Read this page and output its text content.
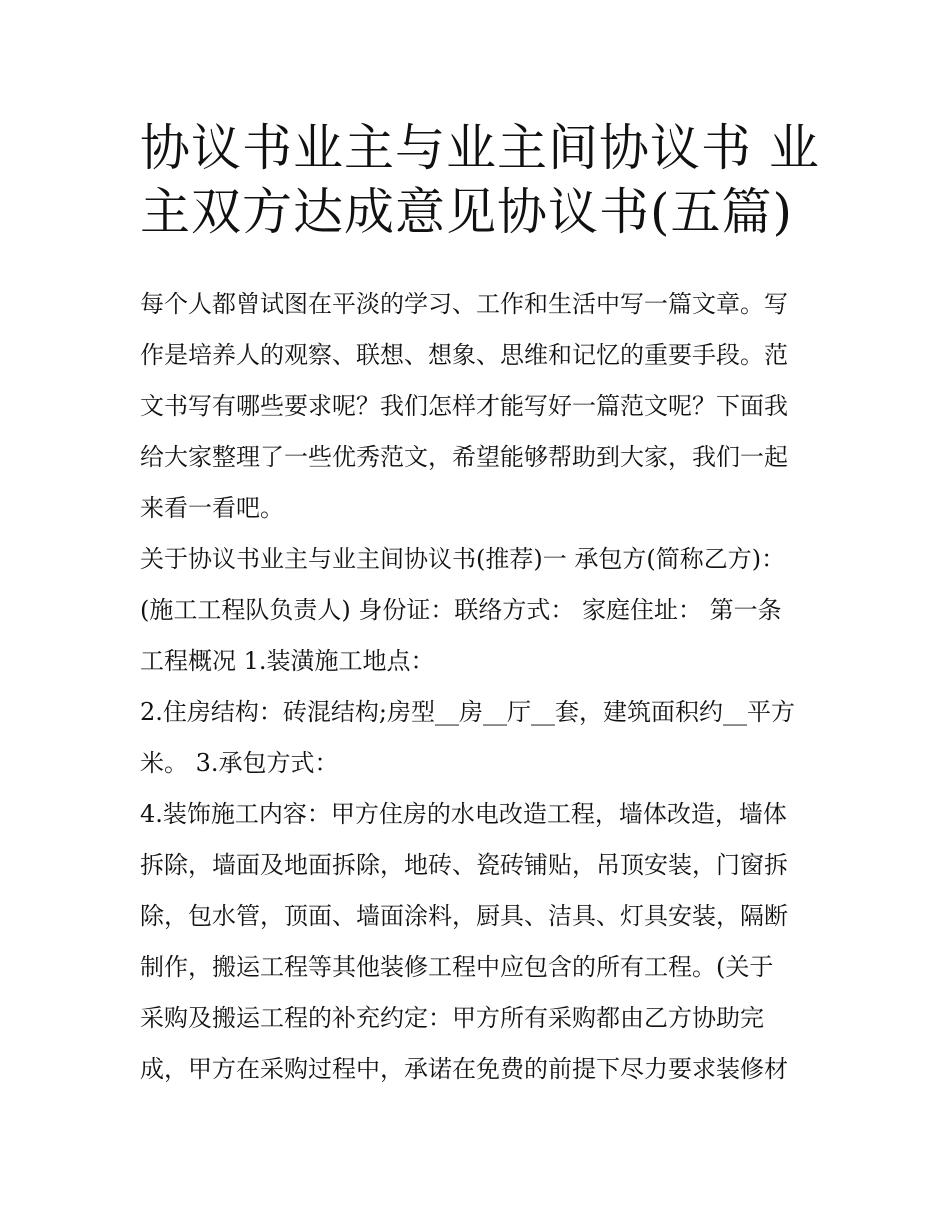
协议书业主与业主间协议书 业
主双方达成意见协议书(五篇)
每个人都曾试图在平淡的学习、工作和生活中写一篇文章。写
作是培养人的观察、联想、想象、思维和记忆的重要手段。范
文书写有哪些要求呢？我们怎样才能写好一篇范文呢？下面我
给大家整理了一些优秀范文，希望能够帮助到大家，我们一起
来看一看吧。
关于协议书业主与业主间协议书(推荐)一 承包方(简称乙方)：
(施工工程队负责人) 身份证：联络方式： 家庭住址： 第一条
工程概况 1.装潢施工地点：
2.住房结构：砖混结构;房型__房__厅__套，建筑面积约__平方
米。 3.承包方式：
4.装饰施工内容：甲方住房的水电改造工程，墙体改造，墙体
拆除，墙面及地面拆除，地砖、瓷砖铺贴，吊顶安装，门窗拆
除，包水管，顶面、墙面涂料，厨具、洁具、灯具安装，隔断
制作，搬运工程等其他装修工程中应包含的所有工程。(关于
采购及搬运工程的补充约定：甲方所有采购都由乙方协助完
成，甲方在采购过程中，承诺在免费的前提下尽力要求装修材
